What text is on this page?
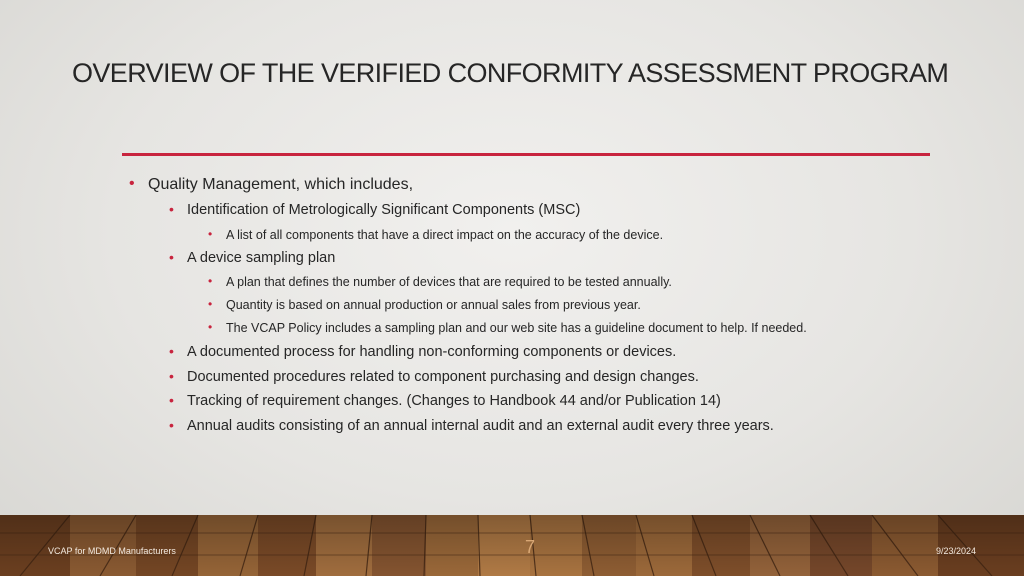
OVERVIEW OF THE VERIFIED CONFORMITY ASSESSMENT PROGRAM
• Quality Management, which includes,
• Identification of Metrologically Significant Components (MSC)
• A list of all components that have a direct impact on the accuracy of the device.
• A device sampling plan
• A plan that defines the number of devices that are required to be tested annually.
• Quantity is based on annual production or annual sales from previous year.
• The VCAP Policy includes a sampling plan and our web site has a guideline document to help. If needed.
• A documented process for handling non-conforming components or devices.
• Documented procedures related to component purchasing and design changes.
• Tracking of requirement changes. (Changes to Handbook 44 and/or Publication 14)
• Annual audits consisting of an annual internal audit and an external audit every three years.
VCAP for MDMD Manufacturers	7	9/23/2024
